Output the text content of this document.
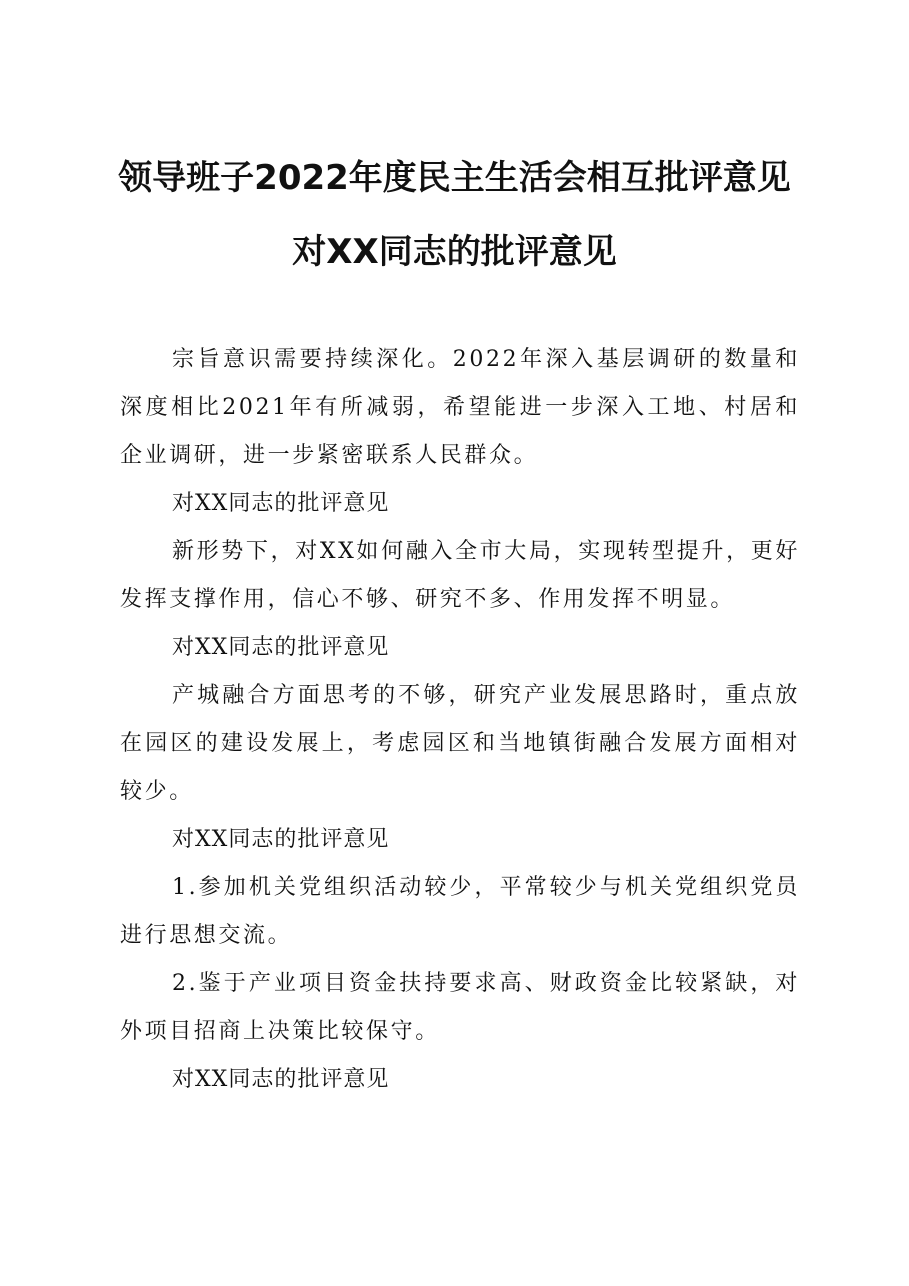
领导班子2022年度民主生活会相互批评意见
对XX同志的批评意见

宗旨意识需要持续深化。2022年深入基层调研的数量和深度相比2021年有所减弱，希望能进一步深入工地、村居和企业调研，进一步紧密联系人民群众。

对XX同志的批评意见

新形势下，对XX如何融入全市大局，实现转型提升，更好发挥支撑作用，信心不够、研究不多、作用发挥不明显。

对XX同志的批评意见

产城融合方面思考的不够，研究产业发展思路时，重点放在园区的建设发展上，考虑园区和当地镇街融合发展方面相对较少。

对XX同志的批评意见

1.参加机关党组织活动较少，平常较少与机关党组织党员进行思想交流。

2.鉴于产业项目资金扶持要求高、财政资金比较紧缺，对外项目招商上决策比较保守。

对XX同志的批评意见
